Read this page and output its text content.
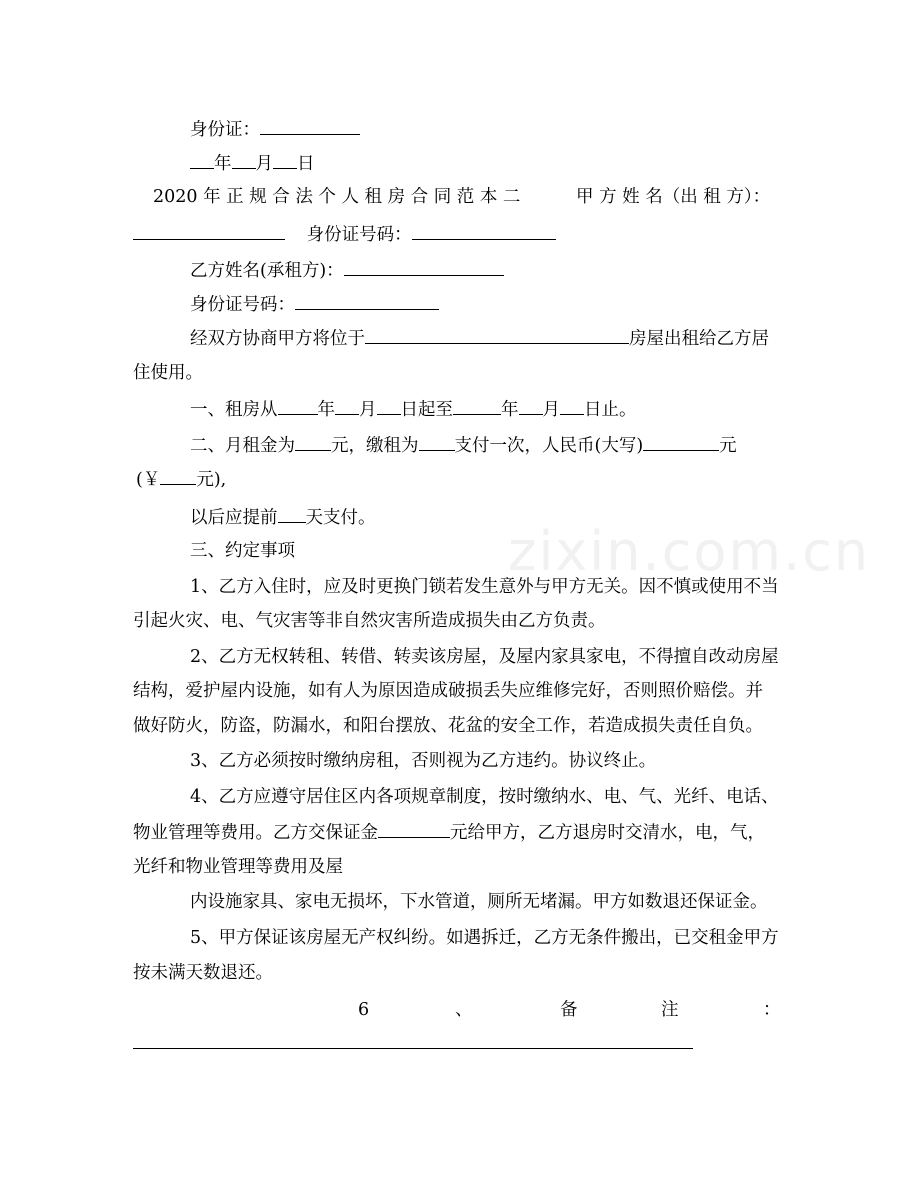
zixin.com.cn
身份证：
年 月 日
2020 年 正 规 合 法 个 人 租 房 合 同 范 本 二	甲 方 姓 名（出 租 方）：
身份证号码：
乙方姓名(承租方)：
身份证号码：
经双方协商甲方将位于	房屋出租给乙方居
住使用。
一、租房从 年 月 日起至	年 月 日止。
二、月租金为 元，缴租为 支付一次，人民币(大写)	元
(￥ 元),
以后应提前 天支付。
三、约定事项
1、乙方入住时，应及时更换门锁若发生意外与甲方无关。因不慎或使用不当
引起火灾、电、气灾害等非自然灾害所造成损失由乙方负责。
2、乙方无权转租、转借、转卖该房屋，及屋内家具家电，不得擅自改动房屋
结构，爱护屋内设施，如有人为原因造成破损丢失应维修完好，否则照价赔偿。并
做好防火，防盗，防漏水，和阳台摆放、花盆的安全工作，若造成损失责任自负。
3、乙方必须按时缴纳房租，否则视为乙方违约。协议终止。
4、乙方应遵守居住区内各项规章制度，按时缴纳水、电、气、光纤、电话、
物业管理等费用。乙方交保证金	元给甲方，乙方退房时交清水，电，气，
光纤和物业管理等费用及屋
内设施家具、家电无损坏，下水管道，厕所无堵漏。甲方如数退还保证金。
5、甲方保证该房屋无产权纠纷。如遇拆迁，乙方无条件搬出，已交租金甲方
按未满天数退还。
6	、	备	注	：
